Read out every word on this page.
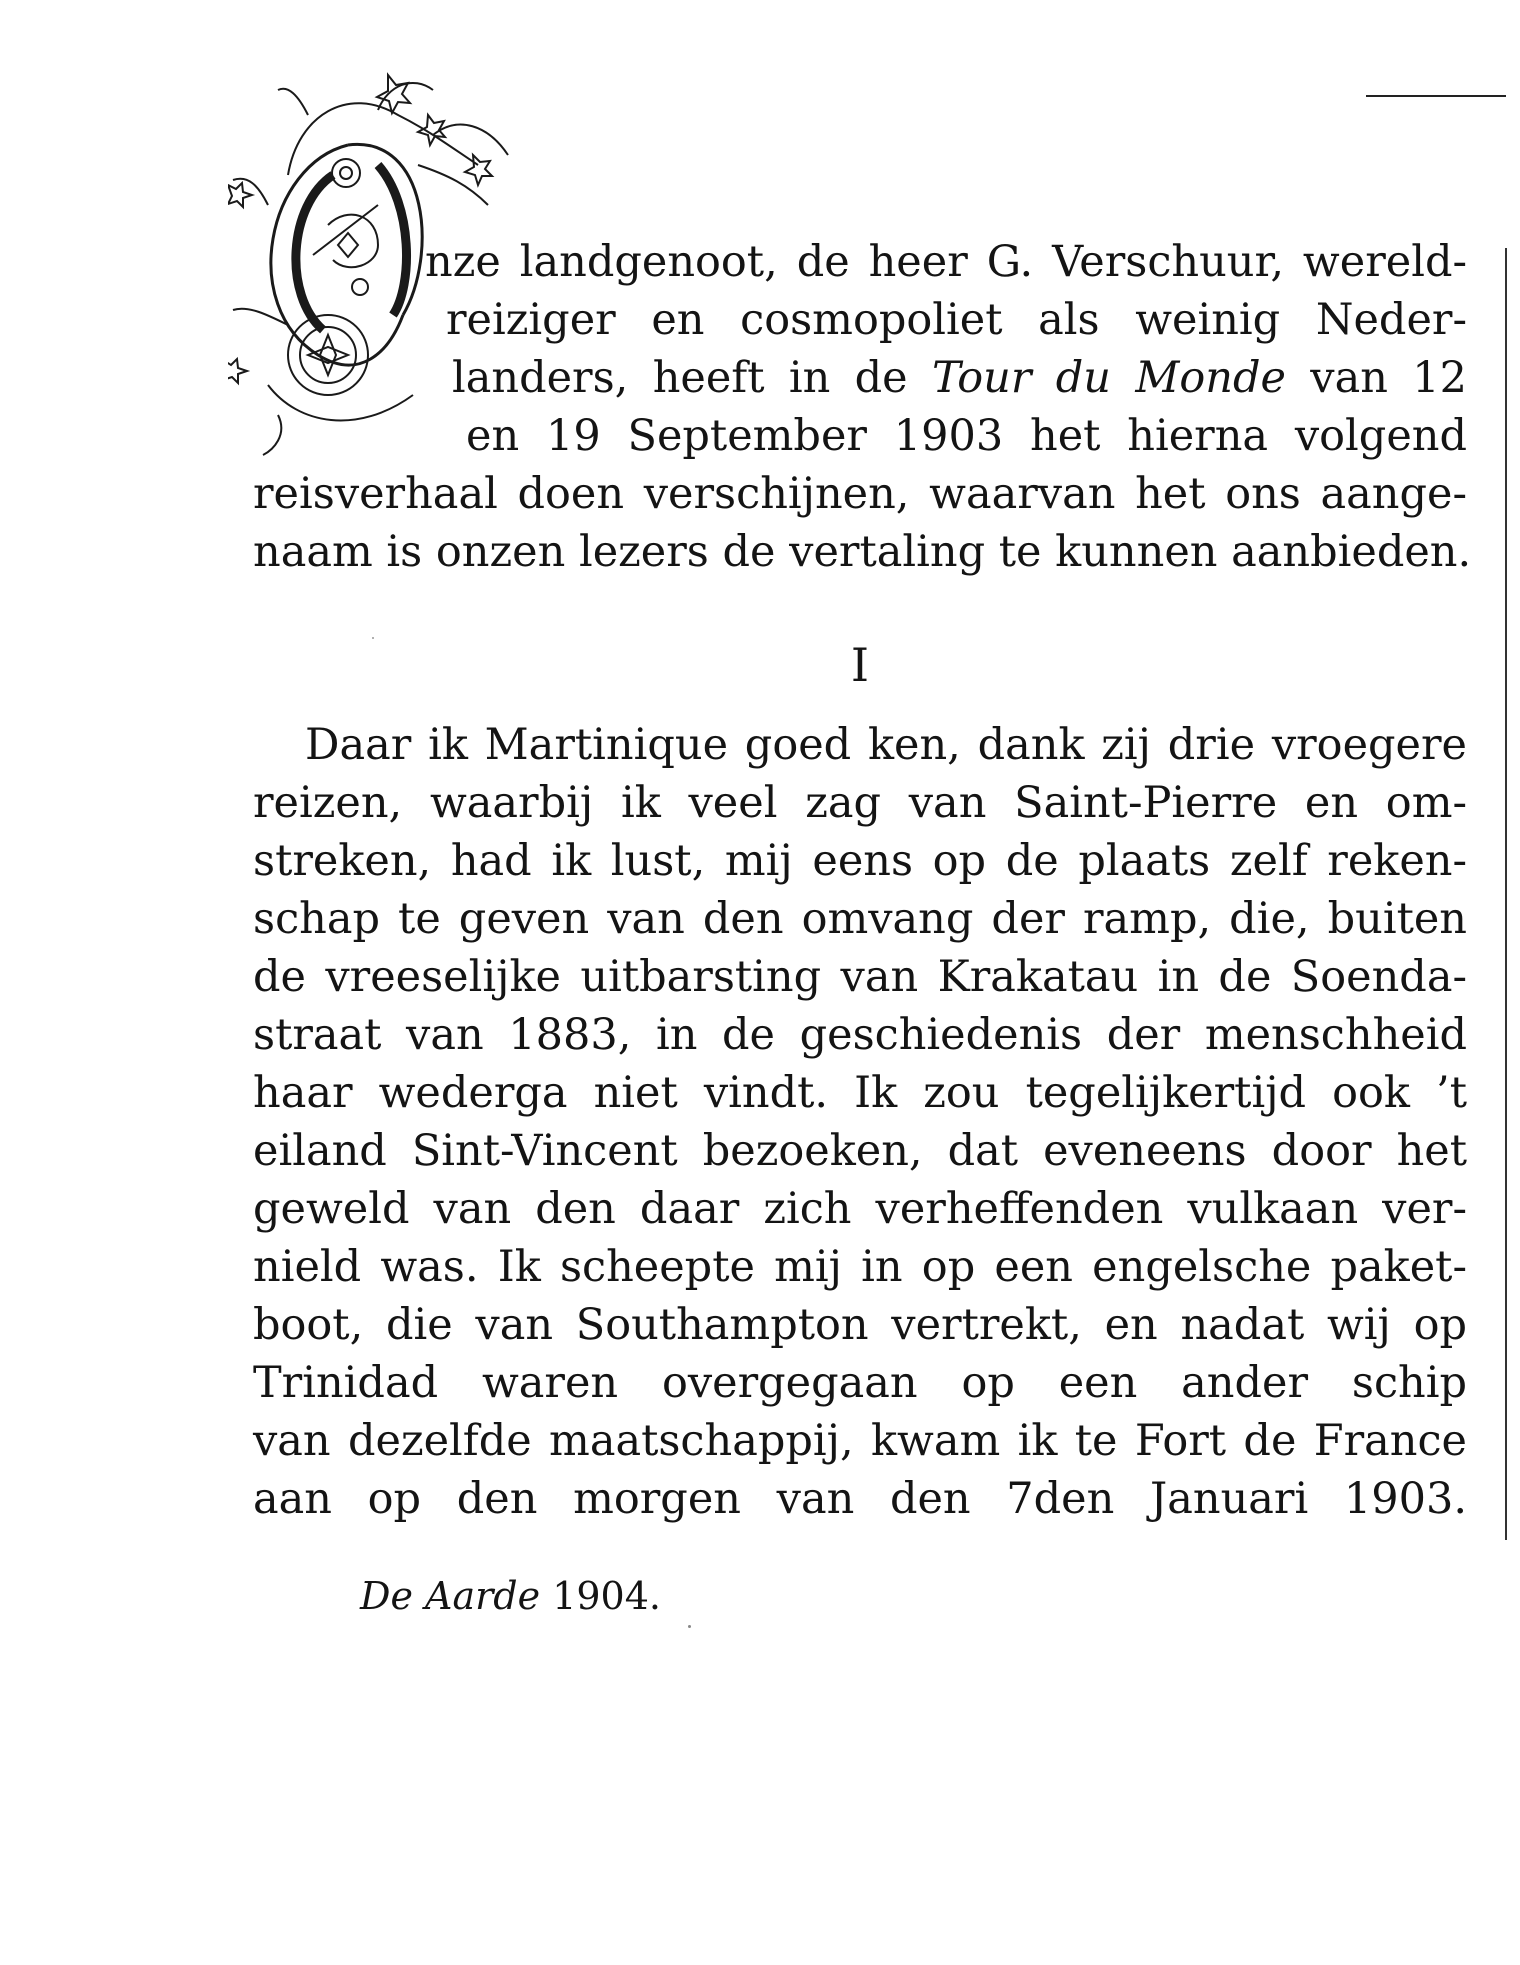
nze landgenoot, de heer G. Verschuur, wereld-
reiziger en cosmopoliet als weinig Neder-
landers, heeft in de Tour du Monde van 12
en 19 September 1903 het hierna volgend
reisverhaal doen verschijnen, waarvan het ons aange-
naam is onzen lezers de vertaling te kunnen aanbieden.
I
Daar ik Martinique goed ken, dank zij drie vroegere
reizen, waarbij ik veel zag van Saint-Pierre en om-
streken, had ik lust, mij eens op de plaats zelf reken-
schap te geven van den omvang der ramp, die, buiten
de vreeselijke uitbarsting van Krakatau in de Soenda-
straat van 1883, in de geschiedenis der menschheid
haar wederga niet vindt. Ik zou tegelijkertijd ook ’t
eiland Sint-Vincent bezoeken, dat eveneens door het
geweld van den daar zich verheffenden vulkaan ver-
nield was. Ik scheepte mij in op een engelsche paket-
boot, die van Southampton vertrekt, en nadat wij op
Trinidad waren overgegaan op een ander schip
van dezelfde maatschappij, kwam ik te Fort de France
aan op den morgen van den 7den Januari 1903.
De Aarde 1904.
